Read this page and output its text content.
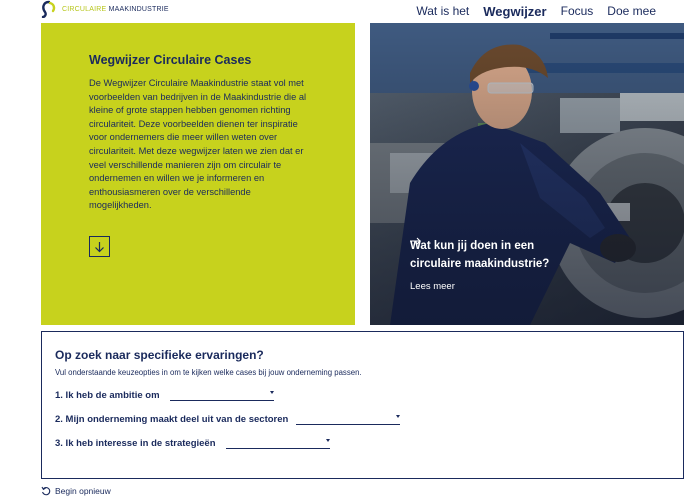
CIRCULAIRE MAAKINDUSTRIE	Wat is het Wegwijzer Focus Doe mee
Wegwijzer Circulaire Cases

De Wegwijzer Circulaire Maakindustrie staat vol met voorbeelden van bedrijven in de Maakindustrie die al kleine of grote stappen hebben genomen richting circulariteit. Deze voorbeelden dienen ter inspiratie voor ondernemers die meer willen weten over circulariteit. Met deze wegwijzer laten we zien dat er veel verschillende manieren zijn om circulair te ondernemen en willen we je informeren en enthousiasmeren over de verschillende mogelijkheden.

Wat kun jij doen in een
circulaire maakindustrie?
Lees meer
Op zoek naar specifieke ervaringen?
Vul onderstaande keuzeopties in om te kijken welke cases bij jouw onderneming passen.
1. Ik heb de ambitie om
2. Mijn onderneming maakt deel uit van de sectoren
3. Ik heb interesse in de strategieën
Begin opnieuw
